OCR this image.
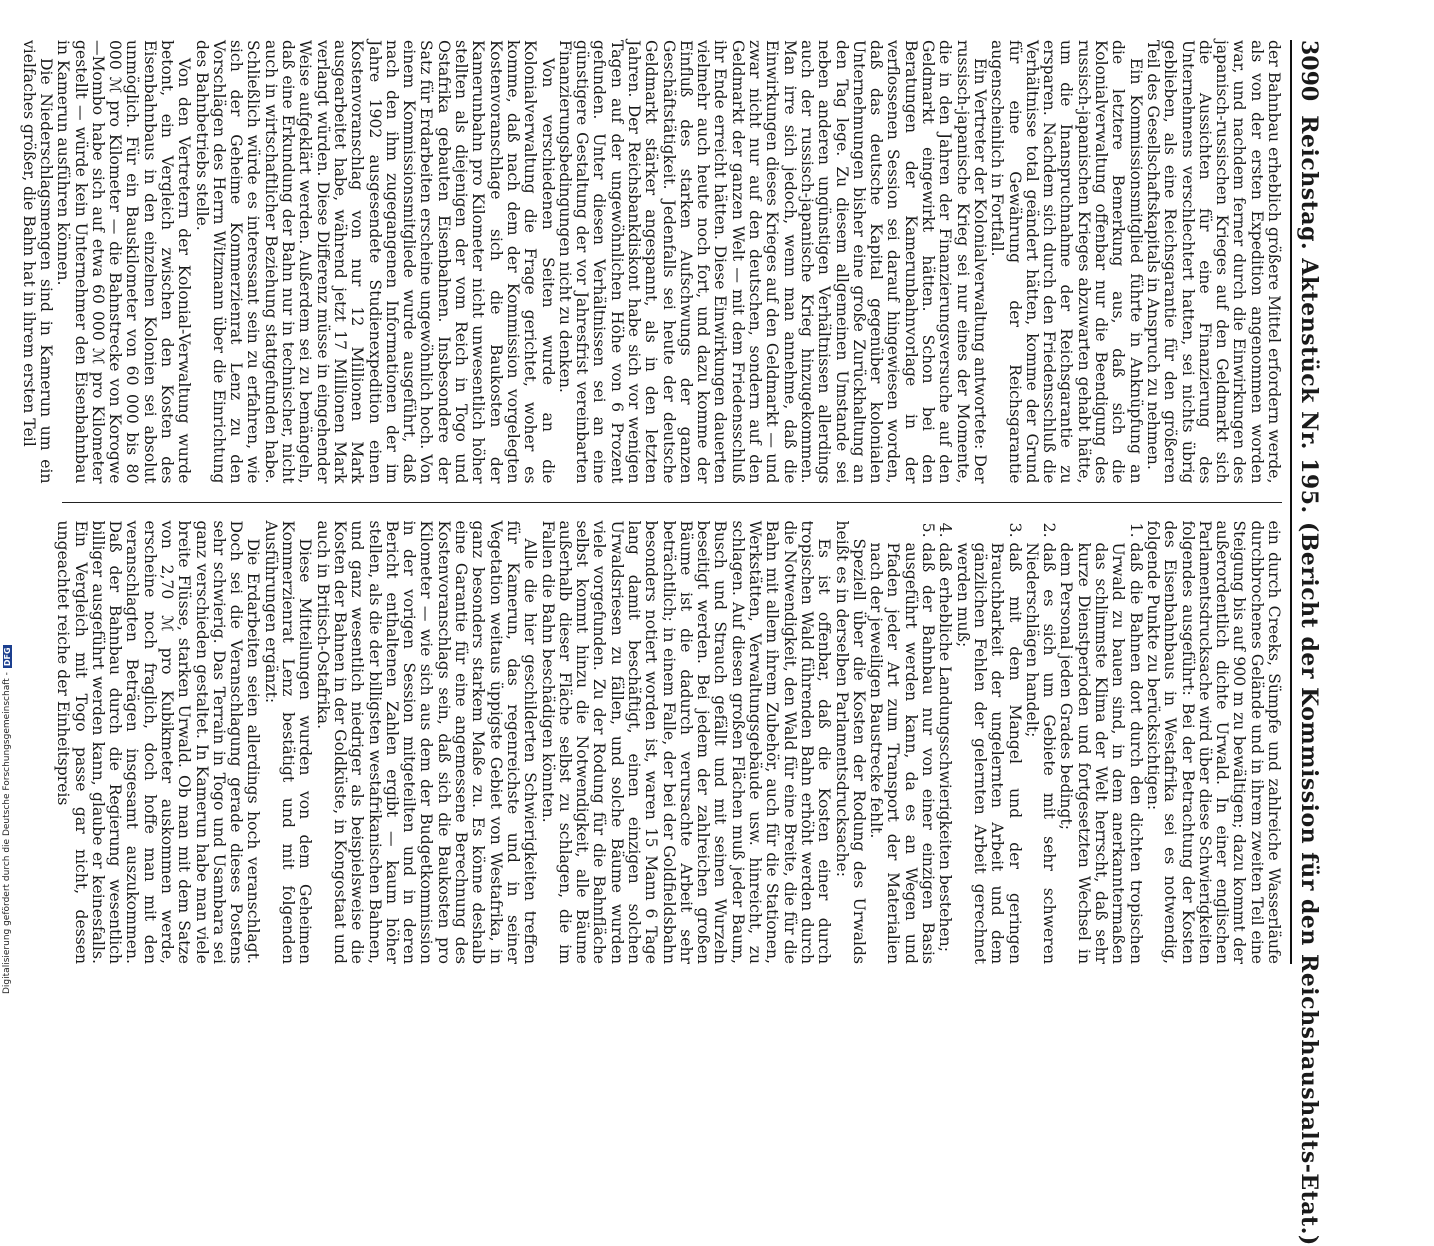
3090
Reichstag. Aktenstück Nr. 195. (Bericht der Kommission für den Reichshaushalts-Etat.)

der Bahnbau erheblich größere Mittel erfordern werde, als von der ersten Expedition angenommen worden war, und nachdem ferner durch die Einwirkungen des japanisch-russischen Krieges auf den Geldmarkt sich die Aussichten für eine Finanzierung des Unternehmens verschlechtert hatten, sei nichts übrig geblieben, als eine Reichsgarantie für den größeren Teil des Gesellschaftskapitals in Anspruch zu nehmen.

Ein Kommissionsmitglied führte in Anknüpfung an die letztere Bemerkung aus, daß sich die Kolonialverwaltung offenbar nur die Beendigung des russisch-japanischen Krieges abzuwarten gehabt hätte, um die Inanspruchnahme der Reichsgarantie zu ersparen. Nachdem sich durch den Friedensschluß die Verhältnisse total geändert hätten, komme der Grund für eine Gewährung der Reichsgarantie augenscheinlich in Fortfall.

Ein Vertreter der Kolonialverwaltung antwortete: Der russisch-japanische Krieg sei nur eines der Momente, die in den Jahren der Finanzierungsversuche auf den Geldmarkt eingewirkt hätten. Schon bei den Beratungen der Kamerunbahnvorlage in der verflossenen Session sei darauf hingewiesen worden, daß das deutsche Kapital gegenüber kolonialen Unternehmungen bisher eine große Zurückhaltung an den Tag lege. Zu diesem allgemeinen Umstande sei neben anderen ungünstigen Verhältnissen allerdings auch der russisch-japanische Krieg hinzugekommen. Man irre sich jedoch, wenn man annehme, daß die Einwirkungen dieses Krieges auf den Geldmarkt — und zwar nicht nur auf den deutschen, sondern auf den Geldmarkt der ganzen Welt — mit dem Friedensschluß ihr Ende erreicht hätten. Diese Einwirkungen dauerten vielmehr auch heute noch fort, und dazu komme der Einfluß des starken Aufschwungs der ganzen Geschäftstätigkeit. Jedenfalls sei heute der deutsche Geldmarkt stärker angespannt, als in den letzten Jahren. Der Reichsbankdiskont habe sich vor wenigen Tagen auf der ungewöhnlichen Höhe von 6 Prozent gefunden. Unter diesen Verhältnissen sei an eine günstigere Gestaltung der vor Jahresfrist vereinbarten Finanzierungsbedingungen nicht zu denken.

Von verschiedenen Seiten wurde an die Kolonialverwaltung die Frage gerichtet, woher es komme, daß nach dem der Kommission vorgelegten Kostenvoranschlage sich die Baukosten der Kamerunbahn pro Kilometer nicht unwesentlich höher stellten als diejenigen der vom Reich in Togo und Ostafrika gebauten Eisenbahnen. Insbesondere der Satz für Erdarbeiten erscheine ungewöhnlich hoch. Von einem Kommissionsmitgliede wurde ausgeführt, daß nach den ihm zugegangenen Informationen der im Jahre 1902 ausgesendete Studienexpedition einen Kostenvoranschlag von nur 12 Millionen Mark ausgearbeitet habe, während jetzt 17 Millionen Mark verlangt würden. Diese Differenz müsse in eingehender Weise aufgeklärt werden. Außerdem sei zu bemängeln, daß eine Erkundung der Bahn nur in technischer, nicht auch in wirtschaftlicher Beziehung stattgefunden habe. Schließlich würde es interessant sein zu erfahren, wie sich der Geheime Kommerzienrat Lenz zu den Vorschlägen des Herrn Witzmann über die Einrichtung des Bahnbetriebs stelle.

Von den Vertretern der Kolonial-Verwaltung wurde betont, ein Vergleich zwischen den Kosten des Eisenbahnbaus in den einzelnen Kolonien sei absolut unmöglich. Für ein Bauskilometer von 60 000 bis 80 000 ℳ pro Kilometer — die Bahnstrecke von Korogwe—Mombo habe sich auf etwa 60 000 ℳ pro Kilometer gestellt — würde kein Unternehmer den Eisenbahnbau in Kamerun ausführen können.

Die Niederschlagsmengen sind in Kamerun um ein vielfaches größer, die Bahn hat in ihrem ersten Teil

ein durch Creeks, Sümpfe und zahlreiche Wasserläufe durchbrochenes Gelände und in ihrem zweiten Teil eine Steigung bis auf 900 m zu bewältigen; dazu kommt der außerordentlich dichte Urwald. In einer englischen Parlamentsdrucksache wird über diese Schwierigkeiten folgendes ausgeführt: Bei der Betrachtung der Kosten des Eisenbahnbaus in Westafrika sei es notwendig, folgende Punkte zu berücksichtigen:

1. daß die Bahnen dort durch den dichten tropischen Urwald zu bauen sind, in dem anerkanntermaßen das schlimmste Klima der Welt herrscht, daß sehr kurze Dienstperioden und fortgesetzten Wechsel in dem Personal jeden Grades bedingt;
2. daß es sich um Gebiete mit sehr schweren Niederschlägen handelt;
3. daß mit dem Mangel und der geringen Brauchbarkeit der ungelernten Arbeit und dem gänzlichen Fehlen der gelernten Arbeit gerechnet werden muß;
4. daß erhebliche Landungsschwierigkeiten bestehen;
5. daß der Bahnbau nur von einer einzigen Basis ausgeführt werden kann, da es an Wegen und Pfaden jeder Art zum Transport der Materialien nach der jeweiligen Baustrecke fehlt.

Speziell über die Kosten der Rodung des Urwalds heißt es in derselben Parlamentsdrucksache:

Es ist offenbar, daß die Kosten einer durch tropischen Wald führenden Bahn erhöht werden durch die Notwendigkeit, den Wald für eine Breite, die für die Bahn mit allem ihrem Zubehör, auch für die Stationen, Werkstätten, Verwaltungsgebäude usw. hinreicht, zu schlagen. Auf diesen großen Flächen muß jeder Baum, Busch und Strauch gefällt und mit seinen Wurzeln beseitigt werden. Bei jedem der zahlreichen großen Bäume ist die dadurch verursachte Arbeit sehr beträchtlich; in einem Falle, der bei der Goldfieldsbahn besonders notiert worden ist, waren 15 Mann 6 Tage lang damit beschäftigt, einen einzigen solchen Urwaldsriesen zu fällen, und solche Bäume wurden viele vorgefunden. Zu der Rodung für die Bahnfläche selbst kommt hinzu die Notwendigkeit, alle Bäume außerhalb dieser Fläche selbst zu schlagen, die im Fallen die Bahn beschädigen könnten.

Alle die hier geschilderten Schwierigkeiten treffen für Kamerun, das regenreichste und in seiner Vegetation weitaus üppigste Gebiet von Westafrika, in ganz besonders starkem Maße zu. Es könne deshalb eine Garantie für eine angemessene Berechnung des Kostenvoranschlags sein, daß sich die Baukosten pro Kilometer — wie sich aus dem der Budgetkommission in der vorigen Session mitgeteilten und in deren Bericht enthaltenen Zahlen ergibt — kaum höher stellen, als die der billigsten westafrikanischen Bahnen, und ganz wesentlich niedriger als beispielsweise die Kosten der Bahnen in der Goldküste, in Kongostaat und auch in Britisch-Ostafrika.

Diese Mitteilungen wurden von dem Geheimen Kommerzienrat Lenz bestätigt und mit folgenden Ausführungen ergänzt:

Die Erdarbeiten seien allerdings hoch veranschlagt. Doch sei die Veranschlagung gerade dieses Postens sehr schwierig. Das Terrain in Togo und Usambara sei ganz verschieden gestaltet. In Kamerun habe man viele breite Flüsse, starken Urwald. Ob man mit dem Satze von 2,70 ℳ pro Kubikmeter auskommen werde, erscheine noch fraglich, doch hoffe man mit den veranschlagten Beträgen insgesamt auszukommen. Daß der Bahnbau durch die Regierung wesentlich billiger ausgeführt werden kann, glaube er keinesfalls. Ein Vergleich mit Togo passe gar nicht, dessen ungeachtet reiche der Einheitspreis

Digitalisierung gefördert durch die Deutsche Forschungsgemeinschaft -
DFG
